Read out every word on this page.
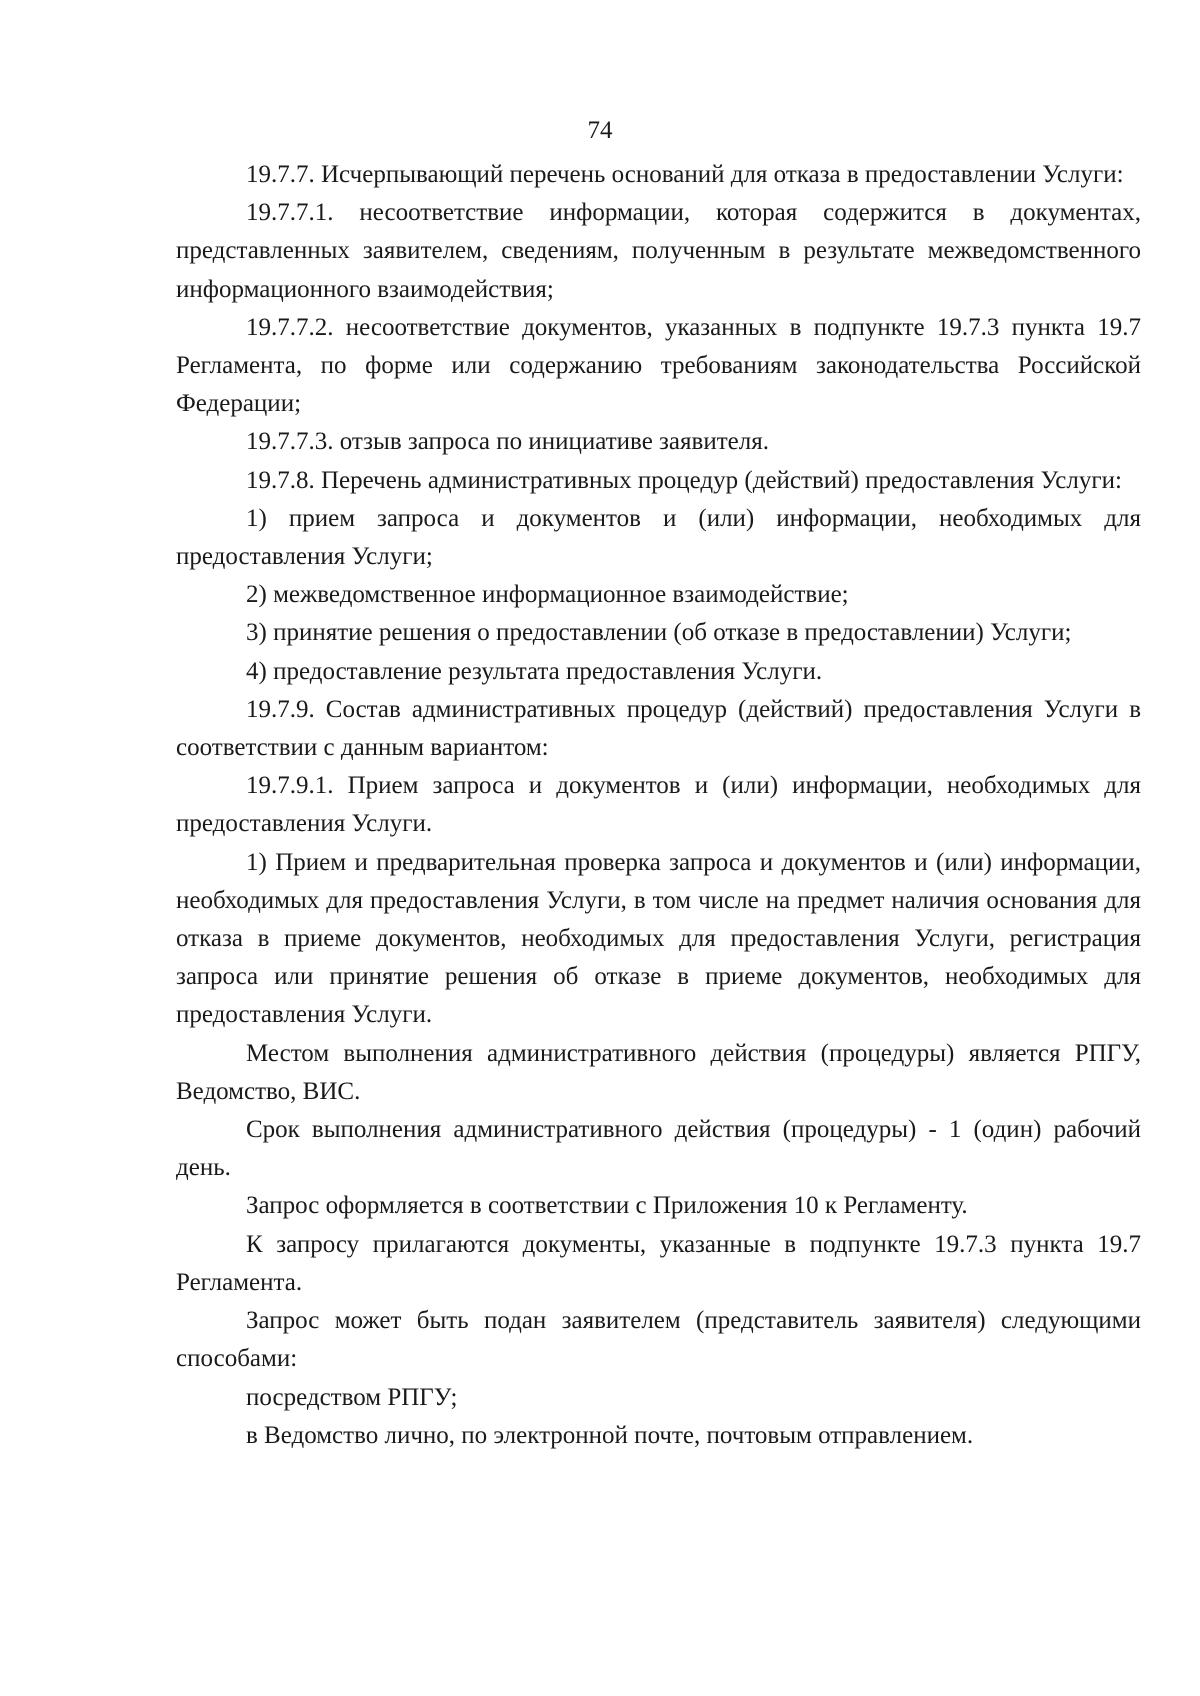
74

19.7.7. Исчерпывающий перечень оснований для отказа в предоставлении Услуги:

19.7.7.1. несоответствие информации, которая содержится в документах, представленных заявителем, сведениям, полученным в результате межведомственного информационного взаимодействия;

19.7.7.2. несоответствие документов, указанных в подпункте 19.7.3 пункта 19.7 Регламента, по форме или содержанию требованиям законодательства Российской Федерации;

19.7.7.3. отзыв запроса по инициативе заявителя.

19.7.8. Перечень административных процедур (действий) предоставления Услуги:

1) прием запроса и документов и (или) информации, необходимых для предоставления Услуги;

2) межведомственное информационное взаимодействие;

3) принятие решения о предоставлении (об отказе в предоставлении) Услуги;

4) предоставление результата предоставления Услуги.

19.7.9. Состав административных процедур (действий) предоставления Услуги в соответствии с данным вариантом:

19.7.9.1. Прием запроса и документов и (или) информации, необходимых для предоставления Услуги.

1) Прием и предварительная проверка запроса и документов и (или) информации, необходимых для предоставления Услуги, в том числе на предмет наличия основания для отказа в приеме документов, необходимых для предоставления Услуги, регистрация запроса или принятие решения об отказе в приеме документов, необходимых для предоставления Услуги.

Местом выполнения административного действия (процедуры) является РПГУ, Ведомство, ВИС.

Срок выполнения административного действия (процедуры) - 1 (один) рабочий день.

Запрос оформляется в соответствии с Приложения 10 к Регламенту.

К запросу прилагаются документы, указанные в подпункте 19.7.3 пункта 19.7 Регламента.

Запрос может быть подан заявителем (представитель заявителя) следующими способами:

посредством РПГУ;

в Ведомство лично, по электронной почте, почтовым отправлением.
